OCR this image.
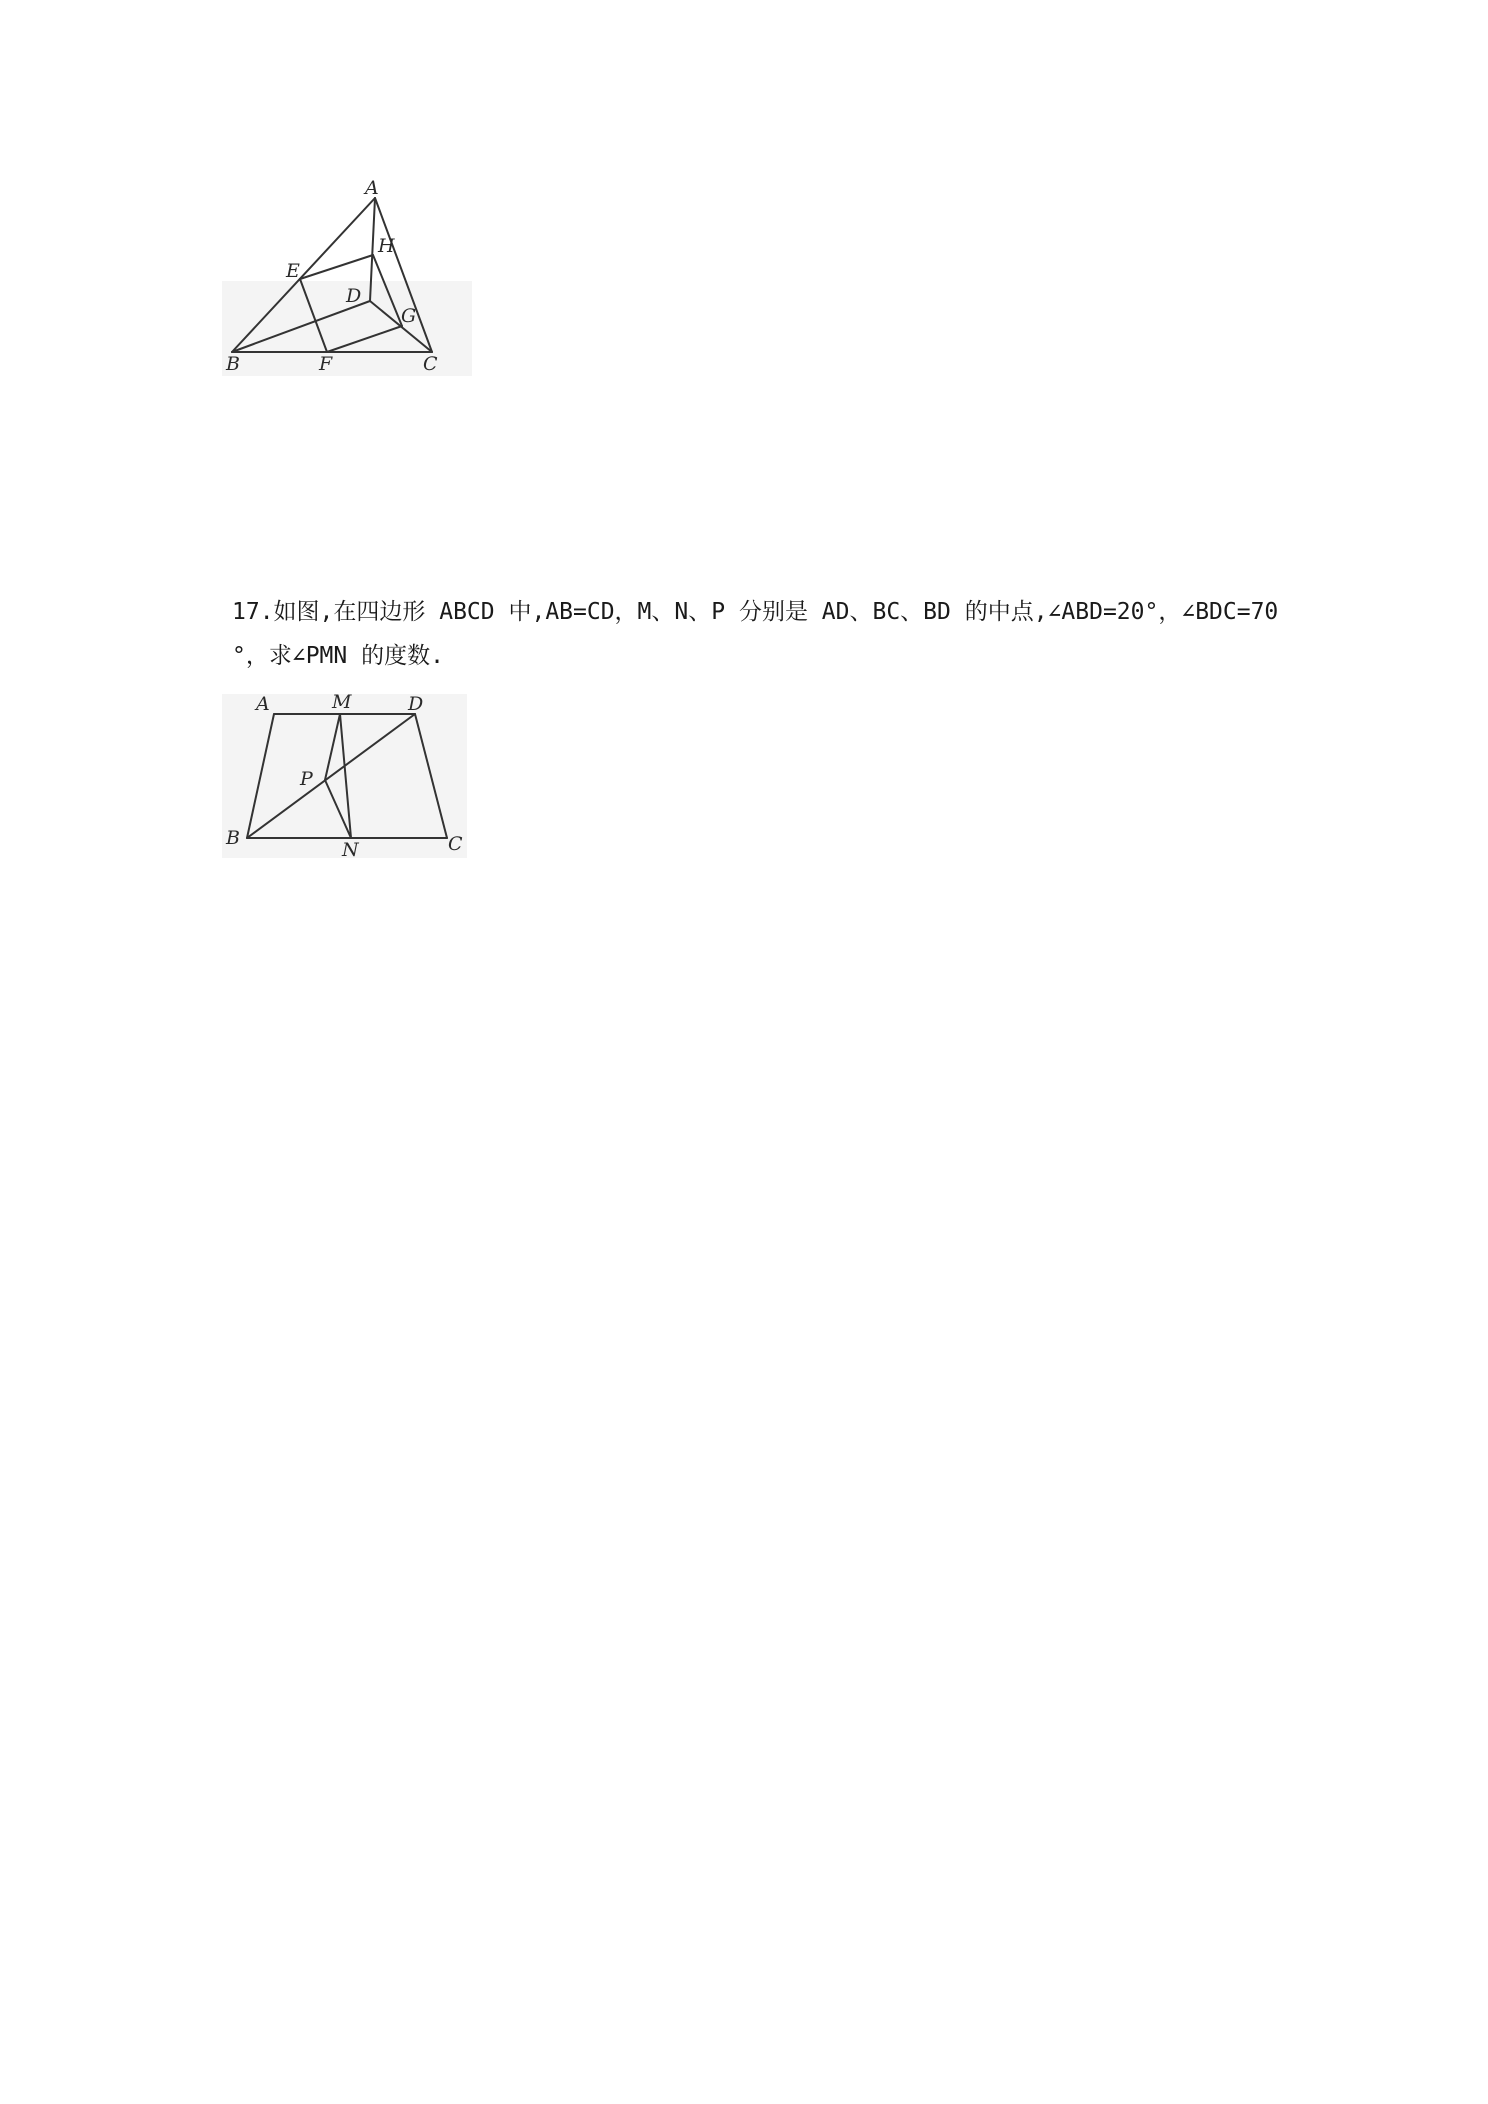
A
H
E
D
G
B	F	C

17.如图,在四边形 ABCD 中,AB=CD，M、N、P 分别是 AD、BC、BD 的中点,∠ABD=20°，∠BDC=70

°，求∠PMN 的度数.

A	M	D
P
B
N	C
